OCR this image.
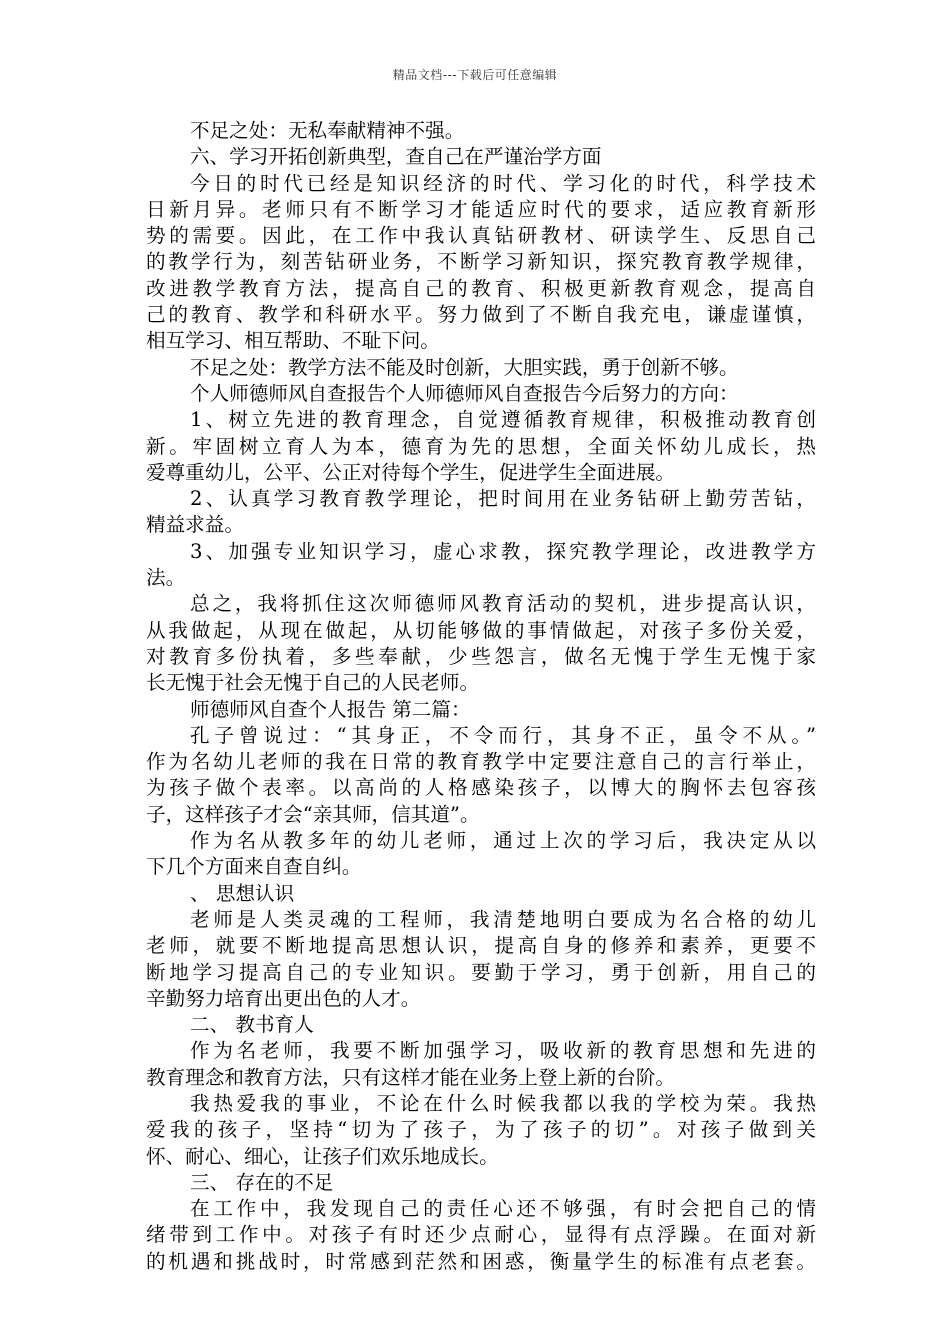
精品文档---下载后可任意编辑
不足之处：无私奉献精神不强。
六、学习开拓创新典型，查自己在严谨治学方面
今日的时代已经是知识经济的时代、学习化的时代，科学技术
日新月异。老师只有不断学习才能适应时代的要求，适应教育新形
势的需要。因此，在工作中我认真钻研教材、研读学生、反思自己
的教学行为，刻苦钻研业务，不断学习新知识，探究教育教学规律，
改进教学教育方法，提高自己的教育、积极更新教育观念，提高自
己的教育、教学和科研水平。努力做到了不断自我充电，谦虚谨慎，
相互学习、相互帮助、不耻下问。
不足之处：教学方法不能及时创新，大胆实践，勇于创新不够。
个人师德师风自查报告个人师德师风自查报告今后努力的方向：
1、树立先进的教育理念，自觉遵循教育规律，积极推动教育创
新。牢固树立育人为本，德育为先的思想，全面关怀幼儿成长，热
爱尊重幼儿，公平、公正对待每个学生，促进学生全面进展。
2、认真学习教育教学理论，把时间用在业务钻研上勤劳苦钻，
精益求益。
3、加强专业知识学习，虚心求教，探究教学理论，改进教学方
法。
总之，我将抓住这次师德师风教育活动的契机，进步提高认识，
从我做起，从现在做起，从切能够做的事情做起，对孩子多份关爱，
对教育多份执着，多些奉献，少些怨言，做名无愧于学生无愧于家
长无愧于社会无愧于自己的人民老师。
师德师风自查个人报告 第二篇：
孔子曾说过：“其身正，不令而行，其身不正，虽令不从。”
作为名幼儿老师的我在日常的教育教学中定要注意自己的言行举止，
为孩子做个表率。以高尚的人格感染孩子，以博大的胸怀去包容孩
子，这样孩子才会“亲其师，信其道”。
作为名从教多年的幼儿老师，通过上次的学习后，我决定从以
下几个方面来自查自纠。
、 思想认识
老师是人类灵魂的工程师，我清楚地明白要成为名合格的幼儿
老师，就要不断地提高思想认识，提高自身的修养和素养，更要不
断地学习提高自己的专业知识。要勤于学习，勇于创新，用自己的
辛勤努力培育出更出色的人才。
二、 教书育人
作为名老师，我要不断加强学习，吸收新的教育思想和先进的
教育理念和教育方法，只有这样才能在业务上登上新的台阶。
我热爱我的事业，不论在什么时候我都以我的学校为荣。我热
爱我的孩子，坚持“切为了孩子，为了孩子的切”。对孩子做到关
怀、耐心、细心，让孩子们欢乐地成长。
三、 存在的不足
在工作中，我发现自己的责任心还不够强，有时会把自己的情
绪带到工作中。对孩子有时还少点耐心，显得有点浮躁。在面对新
的机遇和挑战时，时常感到茫然和困惑，衡量学生的标准有点老套。
